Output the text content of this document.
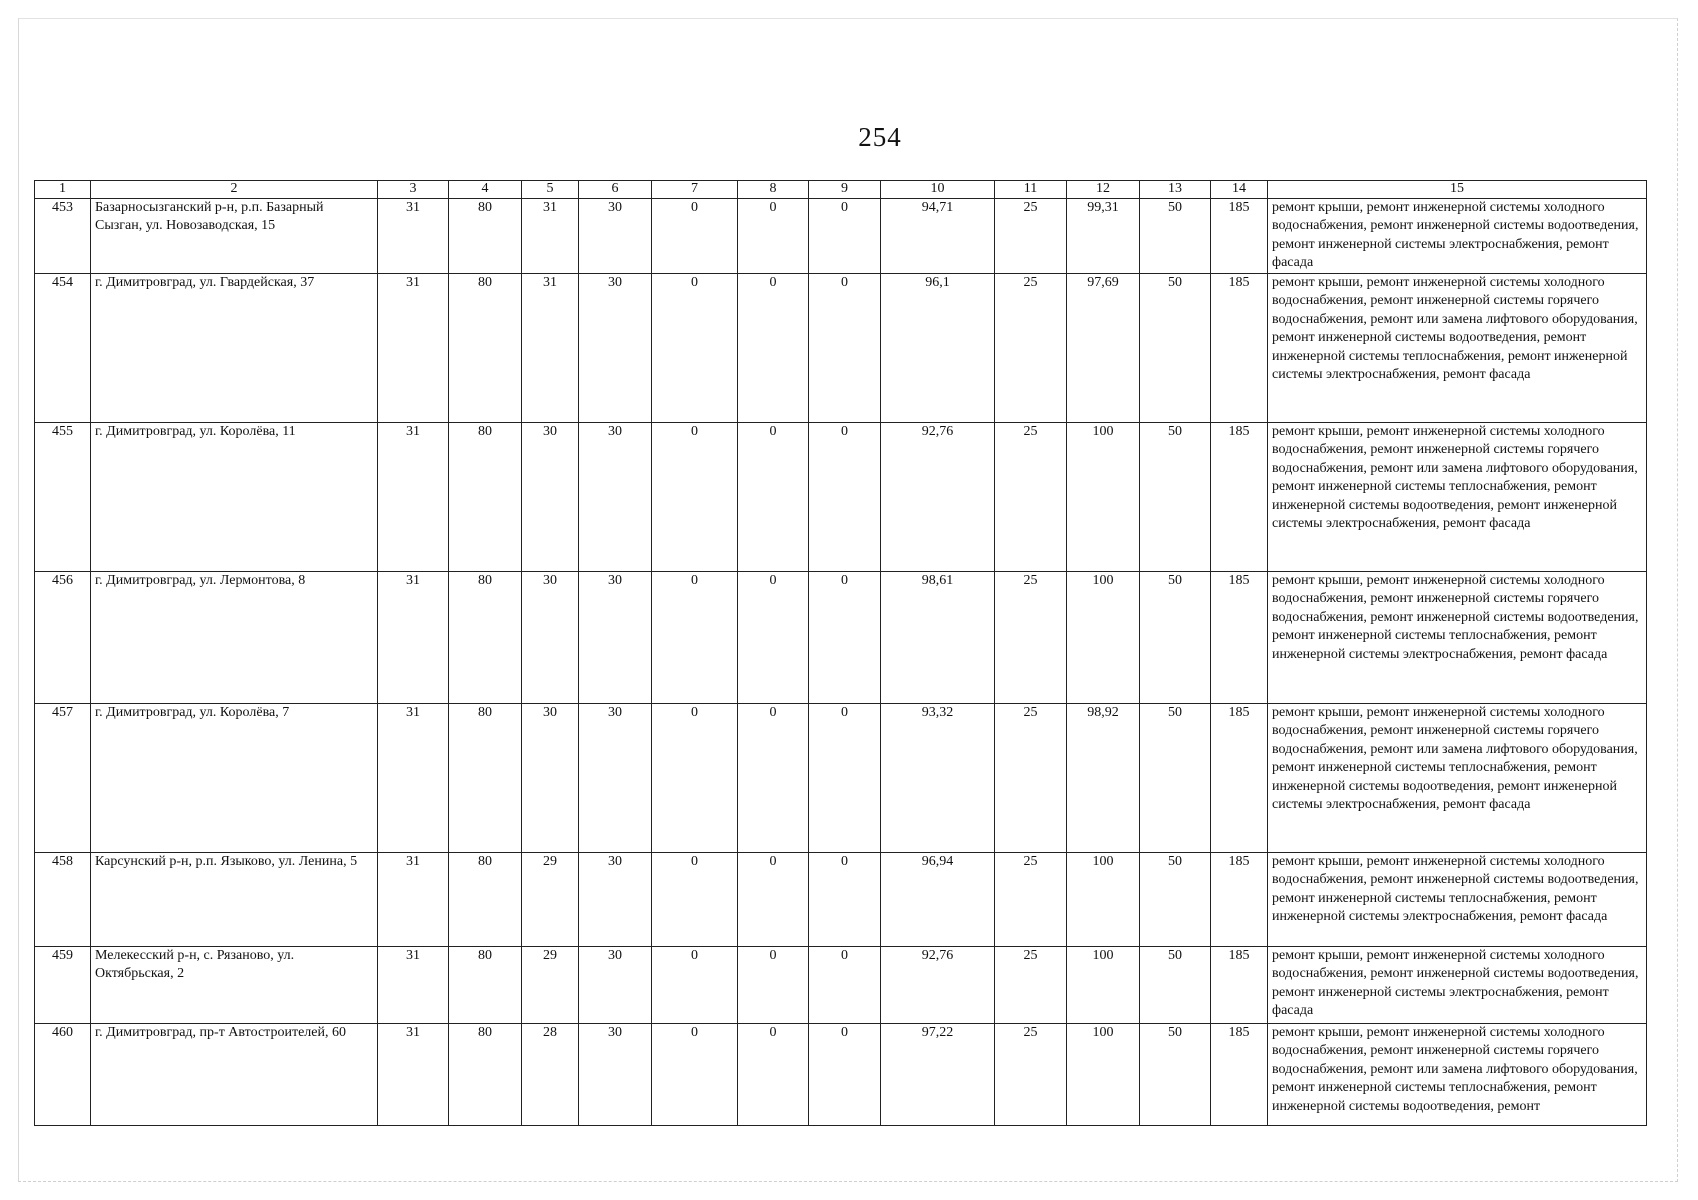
254
1	2	3	4	5	6	7	8	9	10	11	12	13	14	15
453	Базарносызганский р-н, р.п. Базарный Сызган, ул. Новозаводская, 15	31	80	31	30	0	0	0	94,71	25	99,31	50	185	ремонт крыши, ремонт инженерной системы холодного водоснабжения, ремонт инженерной системы водоотведения, ремонт инженерной системы электроснабжения, ремонт фасада
454	г. Димитровград, ул. Гвардейская, 37	31	80	31	30	0	0	0	96,1	25	97,69	50	185	ремонт крыши, ремонт инженерной системы холодного водоснабжения, ремонт инженерной системы горячего водоснабжения, ремонт или замена лифтового оборудования, ремонт инженерной системы водоотведения, ремонт инженерной системы теплоснабжения, ремонт инженерной системы электроснабжения, ремонт фасада
455	г. Димитровград, ул. Королёва, 11	31	80	30	30	0	0	0	92,76	25	100	50	185	ремонт крыши, ремонт инженерной системы холодного водоснабжения, ремонт инженерной системы горячего водоснабжения, ремонт или замена лифтового оборудования, ремонт инженерной системы теплоснабжения, ремонт инженерной системы водоотведения, ремонт инженерной системы электроснабжения, ремонт фасада
456	г. Димитровград, ул. Лермонтова, 8	31	80	30	30	0	0	0	98,61	25	100	50	185	ремонт крыши, ремонт инженерной системы холодного водоснабжения, ремонт инженерной системы горячего водоснабжения, ремонт инженерной системы водоотведения, ремонт инженерной системы теплоснабжения, ремонт инженерной системы электроснабжения, ремонт фасада
457	г. Димитровград, ул. Королёва, 7	31	80	30	30	0	0	0	93,32	25	98,92	50	185	ремонт крыши, ремонт инженерной системы холодного водоснабжения, ремонт инженерной системы горячего водоснабжения, ремонт или замена лифтового оборудования, ремонт инженерной системы теплоснабжения, ремонт инженерной системы водоотведения, ремонт инженерной системы электроснабжения, ремонт фасада
458	Карсунский р-н, р.п. Языково, ул. Ленина, 5	31	80	29	30	0	0	0	96,94	25	100	50	185	ремонт крыши, ремонт инженерной системы холодного водоснабжения, ремонт инженерной системы водоотведения, ремонт инженерной системы теплоснабжения, ремонт инженерной системы электроснабжения, ремонт фасада
459	Мелекесский р-н, с. Рязаново, ул. Октябрьская, 2	31	80	29	30	0	0	0	92,76	25	100	50	185	ремонт крыши, ремонт инженерной системы холодного водоснабжения, ремонт инженерной системы водоотведения, ремонт инженерной системы электроснабжения, ремонт фасада
460	г. Димитровград, пр-т Автостроителей, 60	31	80	28	30	0	0	0	97,22	25	100	50	185	ремонт крыши, ремонт инженерной системы холодного водоснабжения, ремонт инженерной системы горячего водоснабжения, ремонт или замена лифтового оборудования, ремонт инженерной системы теплоснабжения, ремонт инженерной системы водоотведения, ремонт
